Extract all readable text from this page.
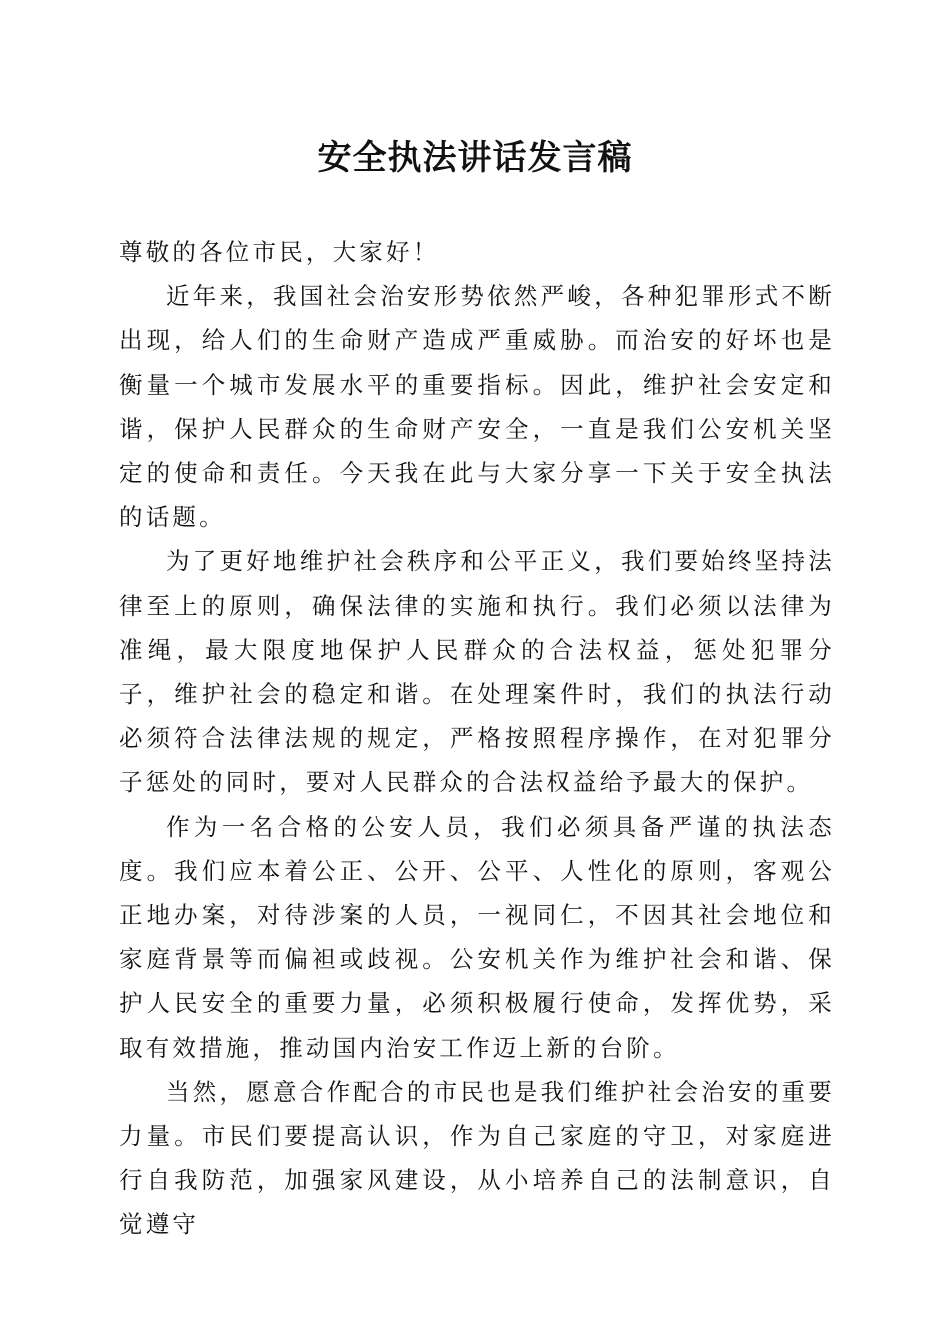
安全执法讲话发言稿

尊敬的各位市民，大家好！

近年来，我国社会治安形势依然严峻，各种犯罪形式不断出现，给人们的生命财产造成严重威胁。而治安的好坏也是衡量一个城市发展水平的重要指标。因此，维护社会安定和谐，保护人民群众的生命财产安全，一直是我们公安机关坚定的使命和责任。今天我在此与大家分享一下关于安全执法的话题。

为了更好地维护社会秩序和公平正义，我们要始终坚持法律至上的原则，确保法律的实施和执行。我们必须以法律为准绳，最大限度地保护人民群众的合法权益，惩处犯罪分子，维护社会的稳定和谐。在处理案件时，我们的执法行动必须符合法律法规的规定，严格按照程序操作，在对犯罪分子惩处的同时，要对人民群众的合法权益给予最大的保护。

作为一名合格的公安人员，我们必须具备严谨的执法态度。我们应本着公正、公开、公平、人性化的原则，客观公正地办案，对待涉案的人员，一视同仁，不因其社会地位和家庭背景等而偏袒或歧视。公安机关作为维护社会和谐、保护人民安全的重要力量，必须积极履行使命，发挥优势，采取有效措施，推动国内治安工作迈上新的台阶。

当然，愿意合作配合的市民也是我们维护社会治安的重要力量。市民们要提高认识，作为自己家庭的守卫，对家庭进行自我防范，加强家风建设，从小培养自己的法制意识，自觉遵守
